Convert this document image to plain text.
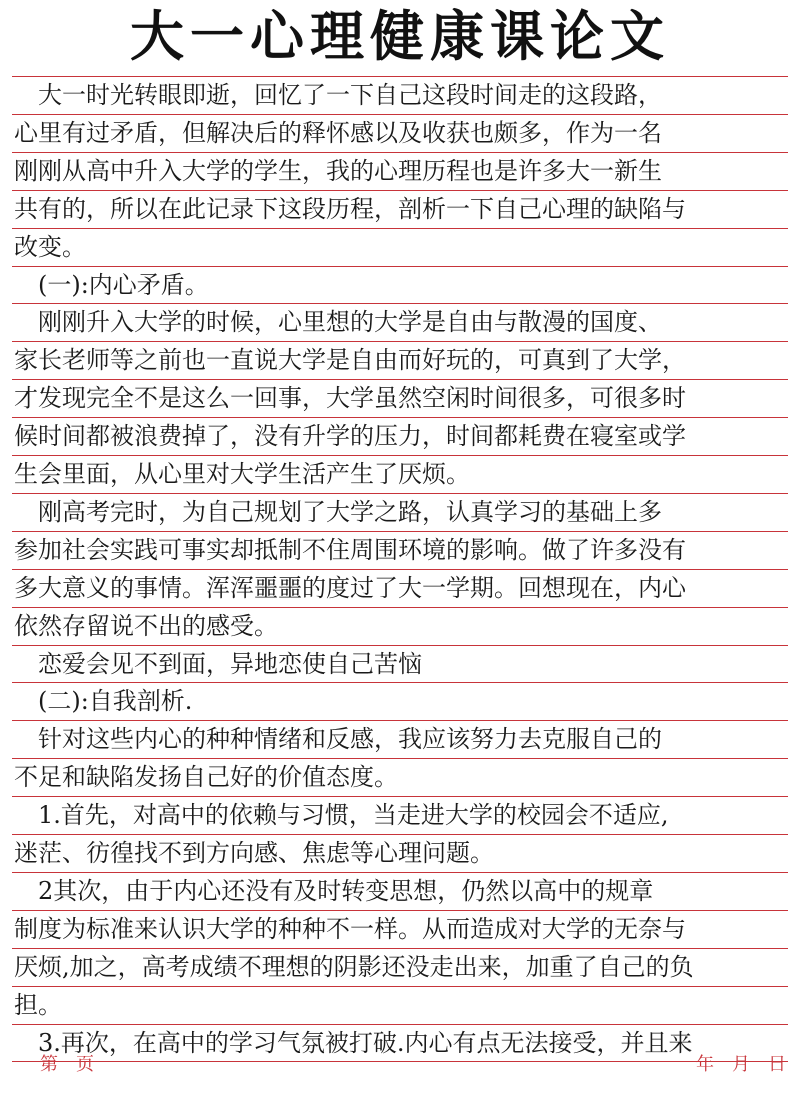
大一心理健康课论文
　大一时光转眼即逝，回忆了一下自己这段时间走的这段路，
心里有过矛盾，但解决后的释怀感以及收获也颇多，作为一名
刚刚从高中升入大学的学生，我的心理历程也是许多大一新生
共有的，所以在此记录下这段历程，剖析一下自己心理的缺陷与
改变。
　(一):内心矛盾。
　刚刚升入大学的时候，心里想的大学是自由与散漫的国度、
家长老师等之前也一直说大学是自由而好玩的，可真到了大学，
才发现完全不是这么一回事，大学虽然空闲时间很多，可很多时
候时间都被浪费掉了，没有升学的压力，时间都耗费在寝室或学
生会里面，从心里对大学生活产生了厌烦。
　刚高考完时，为自己规划了大学之路，认真学习的基础上多
参加社会实践可事实却抵制不住周围环境的影响。做了许多没有
多大意义的事情。浑浑噩噩的度过了大一学期。回想现在，内心
依然存留说不出的感受。
　恋爱会见不到面，异地恋使自己苦恼
　(二):自我剖析.
　针对这些内心的种种情绪和反感，我应该努力去克服自己的
不足和缺陷发扬自己好的价值态度。
　1.首先，对高中的依赖与习惯，当走进大学的校园会不适应,
迷茫、彷徨找不到方向感、焦虑等心理问题。
　2其次，由于内心还没有及时转变思想，仍然以高中的规章
制度为标准来认识大学的种种不一样。从而造成对大学的无奈与
厌烦,加之，高考成绩不理想的阴影还没走出来，加重了自己的负
担。
　3.再次，在高中的学习气氛被打破.内心有点无法接受，并且来
第　页	年　月　日
